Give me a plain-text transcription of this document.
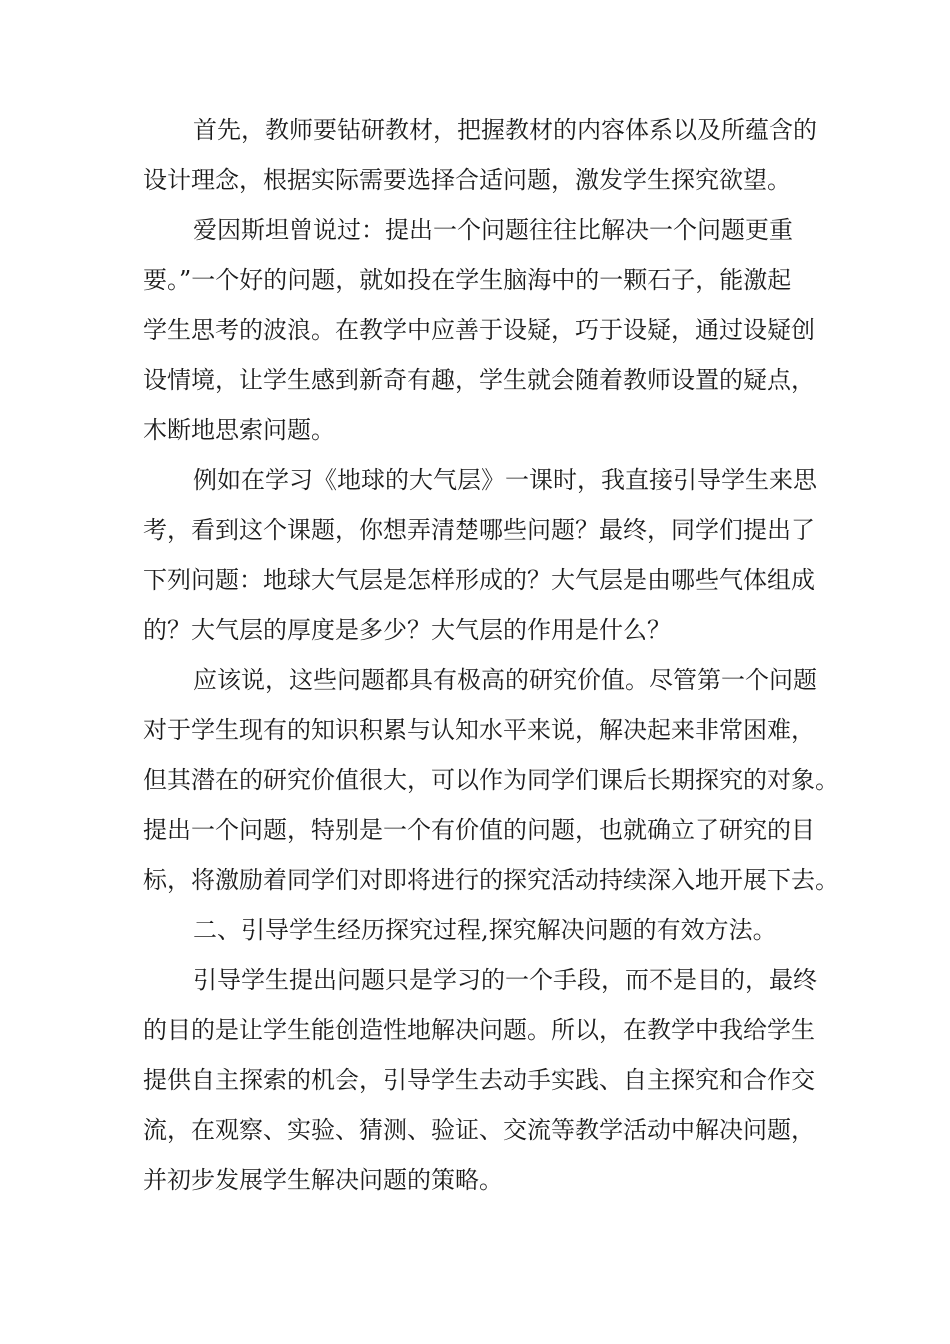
首先，教师要钻研教材，把握教材的内容体系以及所蕴含的
设计理念，根据实际需要选择合适问题，激发学生探究欲望。
爱因斯坦曾说过：提出一个问题往往比解决一个问题更重
要。”一个好的问题，就如投在学生脑海中的一颗石子，能激起
学生思考的波浪。在教学中应善于设疑，巧于设疑，通过设疑创
设情境，让学生感到新奇有趣，学生就会随着教师设置的疑点，
木断地思索问题。
例如在学习《地球的大气层》一课时，我直接引导学生来思
考，看到这个课题，你想弄清楚哪些问题？最终，同学们提出了
下列问题：地球大气层是怎样形成的？大气层是由哪些气体组成
的？大气层的厚度是多少？大气层的作用是什么？
应该说，这些问题都具有极高的研究价值。尽管第一个问题
对于学生现有的知识积累与认知水平来说，解决起来非常困难，
但其潜在的研究价值很大，可以作为同学们课后长期探究的对象。
提出一个问题，特别是一个有价值的问题，也就确立了研究的目
标，将激励着同学们对即将进行的探究活动持续深入地开展下去。
二、引导学生经历探究过程,探究解决问题的有效方法。
引导学生提出问题只是学习的一个手段，而不是目的，最终
的目的是让学生能创造性地解决问题。所以，在教学中我给学生
提供自主探索的机会，引导学生去动手实践、自主探究和合作交
流，在观察、实验、猜测、验证、交流等教学活动中解决问题，
并初步发展学生解决问题的策略。
